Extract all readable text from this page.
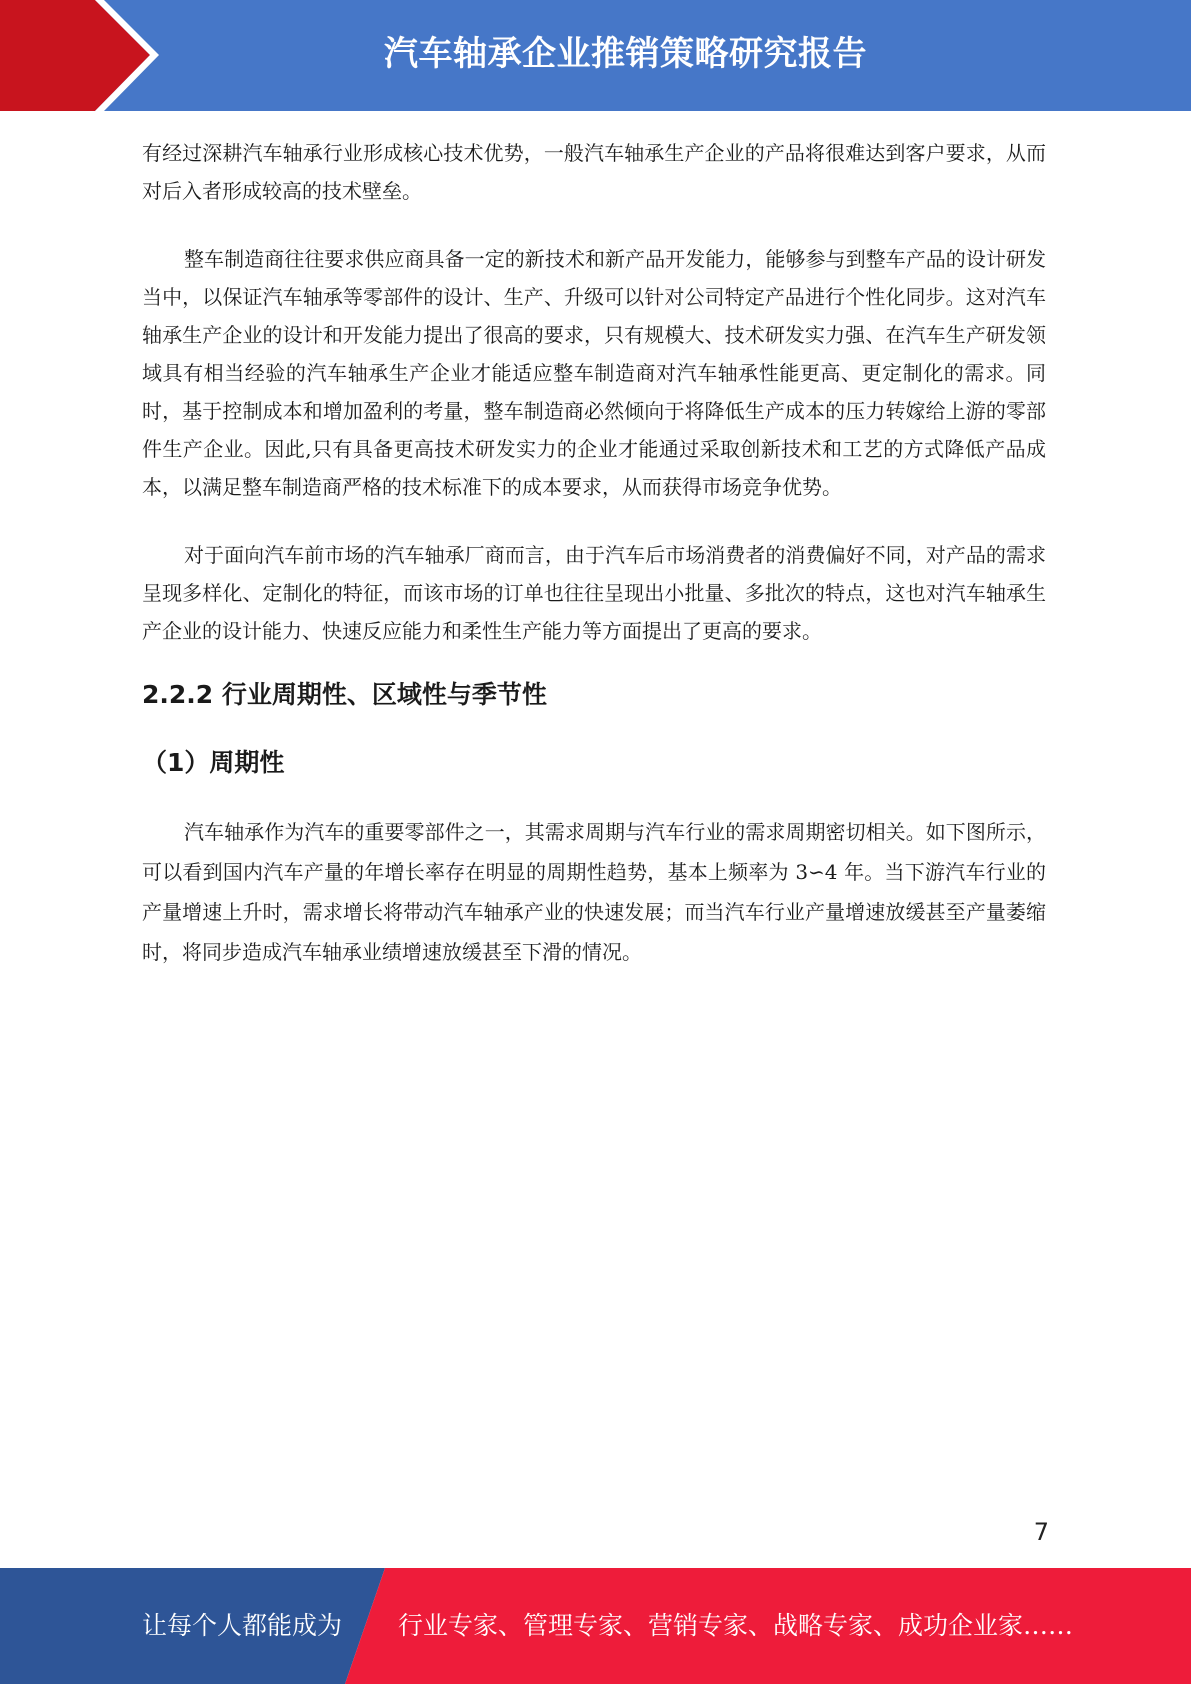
汽车轴承企业推销策略研究报告

有经过深耕汽车轴承行业形成核心技术优势，一般汽车轴承生产企业的产品将很难达到客户要求，从而对后入者形成较高的技术壁垒。

整车制造商往往要求供应商具备一定的新技术和新产品开发能力，能够参与到整车产品的设计研发当中，以保证汽车轴承等零部件的设计、生产、升级可以针对公司特定产品进行个性化同步。这对汽车轴承生产企业的设计和开发能力提出了很高的要求，只有规模大、技术研发实力强、在汽车生产研发领域具有相当经验的汽车轴承生产企业才能适应整车制造商对汽车轴承性能更高、更定制化的需求。同时，基于控制成本和增加盈利的考量，整车制造商必然倾向于将降低生产成本的压力转嫁给上游的零部件生产企业。因此,只有具备更高技术研发实力的企业才能通过采取创新技术和工艺的方式降低产品成本，以满足整车制造商严格的技术标准下的成本要求，从而获得市场竞争优势。

对于面向汽车前市场的汽车轴承厂商而言，由于汽车后市场消费者的消费偏好不同，对产品的需求呈现多样化、定制化的特征，而该市场的订单也往往呈现出小批量、多批次的特点，这也对汽车轴承生产企业的设计能力、快速反应能力和柔性生产能力等方面提出了更高的要求。

2.2.2 行业周期性、区域性与季节性
（1）周期性

汽车轴承作为汽车的重要零部件之一，其需求周期与汽车行业的需求周期密切相关。如下图所示，可以看到国内汽车产量的年增长率存在明显的周期性趋势，基本上频率为 3∽4 年。当下游汽车行业的产量增速上升时，需求增长将带动汽车轴承产业的快速发展；而当汽车行业产量增速放缓甚至产量萎缩时，将同步造成汽车轴承业绩增速放缓甚至下滑的情况。

7
让每个人都能成为 行业专家、管理专家、营销专家、战略专家、成功企业家……
